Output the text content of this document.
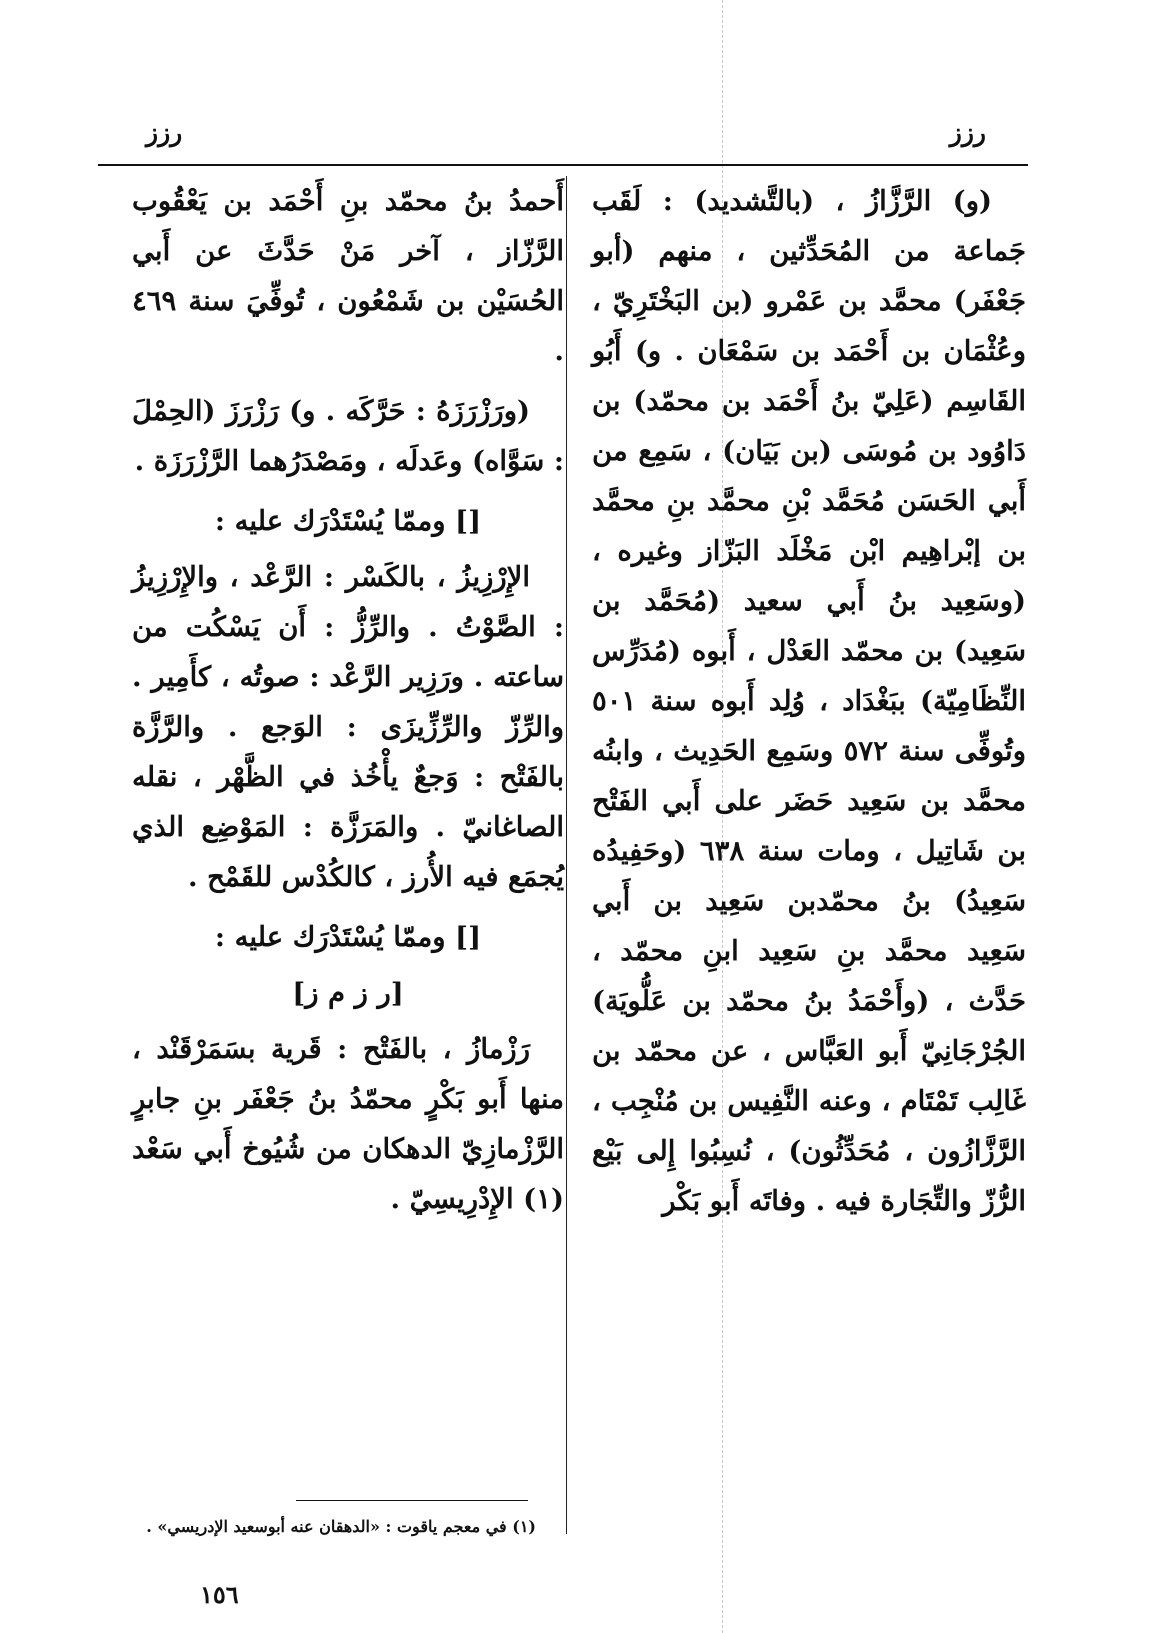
رزز
رزز

(و) الرَّزَّازُ ، (بالتَّشديد) : لَقَب جَماعة من المُحَدِّثين ، منهم (أبو جَعْفَر) محمَّد بن عَمْرو (بن البَخْتَرِيّ ، وعُثْمَان بن أَحْمَد بن سَمْعَان . و) أَبُو القَاسِم (عَلِيّ بنُ أَحْمَد بن محمّد) بن دَاوُود بن مُوسَى (بن بَيَان) ، سَمِع من أَبي الحَسَن مُحَمَّد بْنِ محمَّد بنِ محمَّد بن إبْراهِيم ابْن مَخْلَد البَزّاز وغيره ، (وسَعِيد بنُ أَبي سعيد (مُحَمَّد بن سَعِيد) بن محمّد العَدْل ، أَبوه (مُدَرِّس النِّظَامِيّة) ببَغْدَاد ، وُلِد أَبوه سنة ٥٠١ وتُوفِّى سنة ٥٧٢ وسَمِع الحَدِيث ، وابنُه محمَّد بن سَعِيد حَضَر على أَبي الفَتْح بن شَاتِيل ، ومات سنة ٦٣٨ (وحَفِيدُه سَعِيدُ) بنُ محمّدبن سَعِيد بن أَبي سَعِيد محمَّد بنِ سَعِيد ابنِ محمّد ، حَدَّث ، (وأَحْمَدُ بنُ محمّد بن عَلُّويَة) الجُرْجَانِيّ أَبو العَبَّاس ، عن محمّد بن غَالِب تَمْتَام ، وعنه النَّفِيس بن مُنْجِب ، الرَّزَّازُون ، مُحَدِّثُون) ، نُسِبُوا إِلى بَيْع الرُّزّ والتِّجَارة فيه . وفاتَه أَبو بَكْر

أَحمدُ بنُ محمّد بنِ أَحْمَد بن يَعْقُوب الرَّزّاز ، آخر مَنْ حَدَّثَ عن أَبي الحُسَيْن بن شَمْعُون ، تُوفِّيَ سنة ٤٦٩ .

(ورَزْرَزَهُ : حَرَّكَه . و) رَزْرَزَ (الحِمْلَ : سَوَّاه) وعَدلَه ، ومَصْدَرُهما الرَّزْرَزَة .

[] وممّا يُسْتَدْرَك عليه :

الإِرْزِيزُ ، بالكَسْر : الرَّعْد ، والإِرْزِيزُ : الصَّوْتُ . والرِّزُّ : أَن يَسْكُت من ساعته . ورَزِير الرَّعْد : صوتُه ، كأَمِير . والرِّزّ والرِّزِّيزَى : الوَجع . والرَّزَّة بالفَتْح : وَجعٌ يأْخُذ في الظَّهْر ، نقله الصاغانيّ . والمَرَزَّة : المَوْضِع الذي يُجمَع فيه الأُرز ، كالكُدْس للقَمْح .

[] وممّا يُسْتَدْرَك عليه :

[ر ز م ز]

رَزْمازُ ، بالفَتْح : قَرية بسَمَرْقَنْد ، منها أَبو بَكْرٍ محمّدُ بنُ جَعْفَر بنِ جابرٍ الرَّزْمازِيّ الدهكان من شُيُوخ أَبي سَعْد (١) الإِدْرِيسِيّ .

(١) في معجم ياقوت : «الدهقان عنه أبوسعيد الإدريسي» .
١٥٦
